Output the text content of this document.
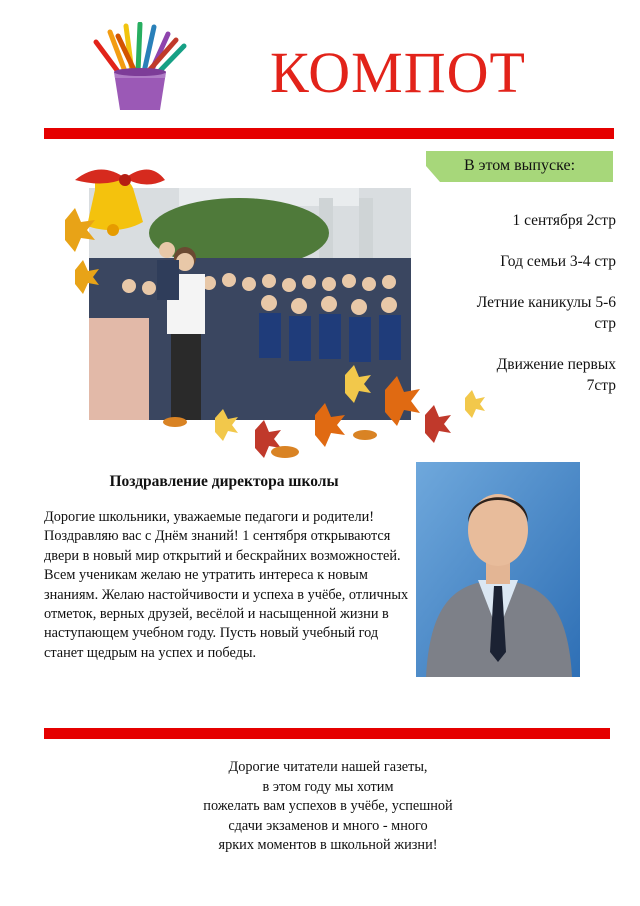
КОМПОТ
В этом выпуске:
1 сентября 2стр
Год семьи 3-4 стр
Летние каникулы 5-6 стр
Движение первых 7стр
Поздравление директора школы
Дорогие школьники, уважаемые педагоги и родители! Поздравляю вас с Днём знаний! 1 сентября открываются двери в новый мир открытий и бескрайних возможностей. Всем ученикам желаю не утратить интереса к новым знаниям. Желаю настойчивости и успеха в учёбе, отличных отметок, верных друзей, весёлой и насыщенной жизни в наступающем учебном году. Пусть новый учебный год станет щедрым на успех и победы.
Дорогие читатели нашей газеты,
в этом году мы хотим
пожелать вам успехов в учёбе, успешной
сдачи экзаменов и много - много
ярких моментов в школьной жизни!
